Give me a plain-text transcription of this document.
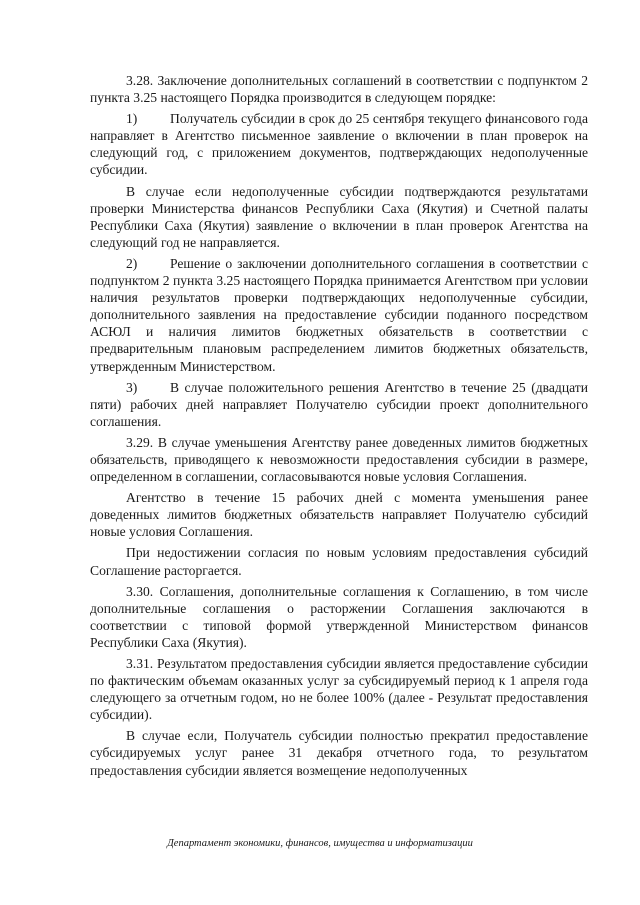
3.28. Заключение дополнительных соглашений в соответствии с подпунктом 2 пункта 3.25 настоящего Порядка производится в следующем порядке:

1) Получатель субсидии в срок до 25 сентября текущего финансового года направляет в Агентство письменное заявление о включении в план проверок на следующий год, с приложением документов, подтверждающих недополученные субсидии.

В случае если недополученные субсидии подтверждаются результатами проверки Министерства финансов Республики Саха (Якутия) и Счетной палаты Республики Саха (Якутия) заявление о включении в план проверок Агентства на следующий год не направляется.

2) Решение о заключении дополнительного соглашения в соответствии с подпунктом 2 пункта 3.25 настоящего Порядка принимается Агентством при условии наличия результатов проверки подтверждающих недополученные субсидии, дополнительного заявления на предоставление субсидии поданного посредством АСЮЛ и наличия лимитов бюджетных обязательств в соответствии с предварительным плановым распределением лимитов бюджетных обязательств, утвержденным Министерством.

3) В случае положительного решения Агентство в течение 25 (двадцати пяти) рабочих дней направляет Получателю субсидии проект дополнительного соглашения.

3.29. В случае уменьшения Агентству ранее доведенных лимитов бюджетных обязательств, приводящего к невозможности предоставления субсидии в размере, определенном в соглашении, согласовываются новые условия Соглашения.

Агентство в течение 15 рабочих дней с момента уменьшения ранее доведенных лимитов бюджетных обязательств направляет Получателю субсидий новые условия Соглашения.

При недостижении согласия по новым условиям предоставления субсидий Соглашение расторгается.

3.30. Соглашения, дополнительные соглашения к Соглашению, в том числе дополнительные соглашения о расторжении Соглашения заключаются в соответствии с типовой формой утвержденной Министерством финансов Республики Саха (Якутия).

3.31. Результатом предоставления субсидии является предоставление субсидии по фактическим объемам оказанных услуг за субсидируемый период к 1 апреля года следующего за отчетным годом, но не более 100% (далее - Результат предоставления субсидии).

В случае если, Получатель субсидии полностью прекратил предоставление субсидируемых услуг ранее 31 декабря отчетного года, то результатом предоставления субсидии является возмещение недополученных

Департамент экономики, финансов, имущества и информатизации
